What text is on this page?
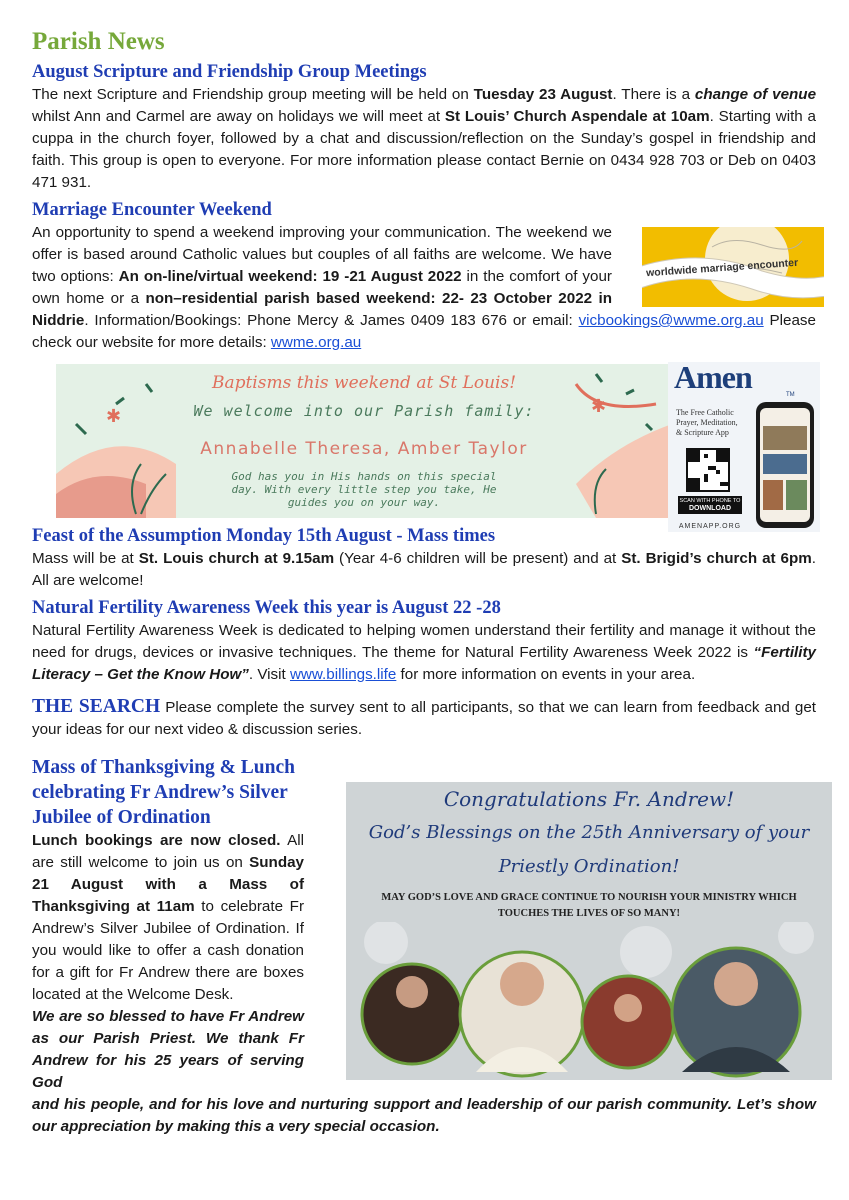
Parish News
August Scripture and Friendship Group Meetings

The next Scripture and Friendship group meeting will be held on Tuesday 23 August. There is a change of venue whilst Ann and Carmel are away on holidays we will meet at St Louis’ Church Aspendale at 10am. Starting with a cuppa in the church foyer, followed by a chat and discussion/reflection on the Sunday’s gospel in friendship and faith. This group is open to everyone. For more information please contact Bernie on 0434 928 703 or Deb on 0403 471 931.

Marriage Encounter Weekend

An opportunity to spend a weekend improving your communication. The weekend we offer is based around Catholic values but couples of all faiths are welcome. We have two options: An on-line/virtual weekend: 19 -21 August 2022 in the comfort of your own home or a non–residential parish based weekend: 22- 23 October 2022 in Niddrie. Information/Bookings: Phone Mercy & James 0409 183 676 or email: vicbookings@wwme.org.au Please check our website for more details: wwme.org.au

Feast of the Assumption Monday 15th August - Mass times

Mass will be at St. Louis church at 9.15am (Year 4-6 children will be present) and at St. Brigid’s church at 6pm. All are welcome!

Natural Fertility Awareness Week this year is August 22 -28

Natural Fertility Awareness Week is dedicated to helping women understand their fertility and manage it without the need for drugs, devices or invasive techniques. The theme for Natural Fertility Awareness Week 2022 is “Fertility Literacy – Get the Know How”. Visit www.billings.life for more information on events in your area.

THE SEARCH Please complete the survey sent to all participants, so that we can learn from feedback and get your ideas for our next video & discussion series.

Mass of Thanksgiving & Lunch
celebrating Fr Andrew’s Silver
Jubilee of Ordination

Lunch bookings are now closed. All are still welcome to join us on Sunday 21 August with a Mass of Thanksgiving at 11am to celebrate Fr Andrew’s Silver Jubilee of Ordination. If you would like to offer a cash donation for a gift for Fr Andrew there are boxes located at the Welcome Desk.

We are so blessed to have Fr Andrew as our Parish Priest. We thank Fr Andrew for his 25 years of serving God

and his people, and for his love and nurturing support and leadership of our parish community. Let’s show our appreciation by making this a very special occasion.

worldwide marriage encounter
✱	✱
Baptisms this weekend at St Louis!
We welcome into our Parish family:
Annabelle Theresa, Amber Taylor
God has you in His hands on this special
day. With every little step you take, He
guides you on your way.
Amen	TM
The Free Catholic
Prayer, Meditation,
& Scripture App
SCAN WITH PHONE TO
DOWNLOAD
AMENAPP.ORG
Congratulations Fr. Andrew!
God’s Blessings on the 25th Anniversary of your
Priestly Ordination!
MAY GOD’S LOVE AND GRACE CONTINUE TO NOURISH YOUR MINISTRY WHICH
TOUCHES THE LIVES OF SO MANY!
